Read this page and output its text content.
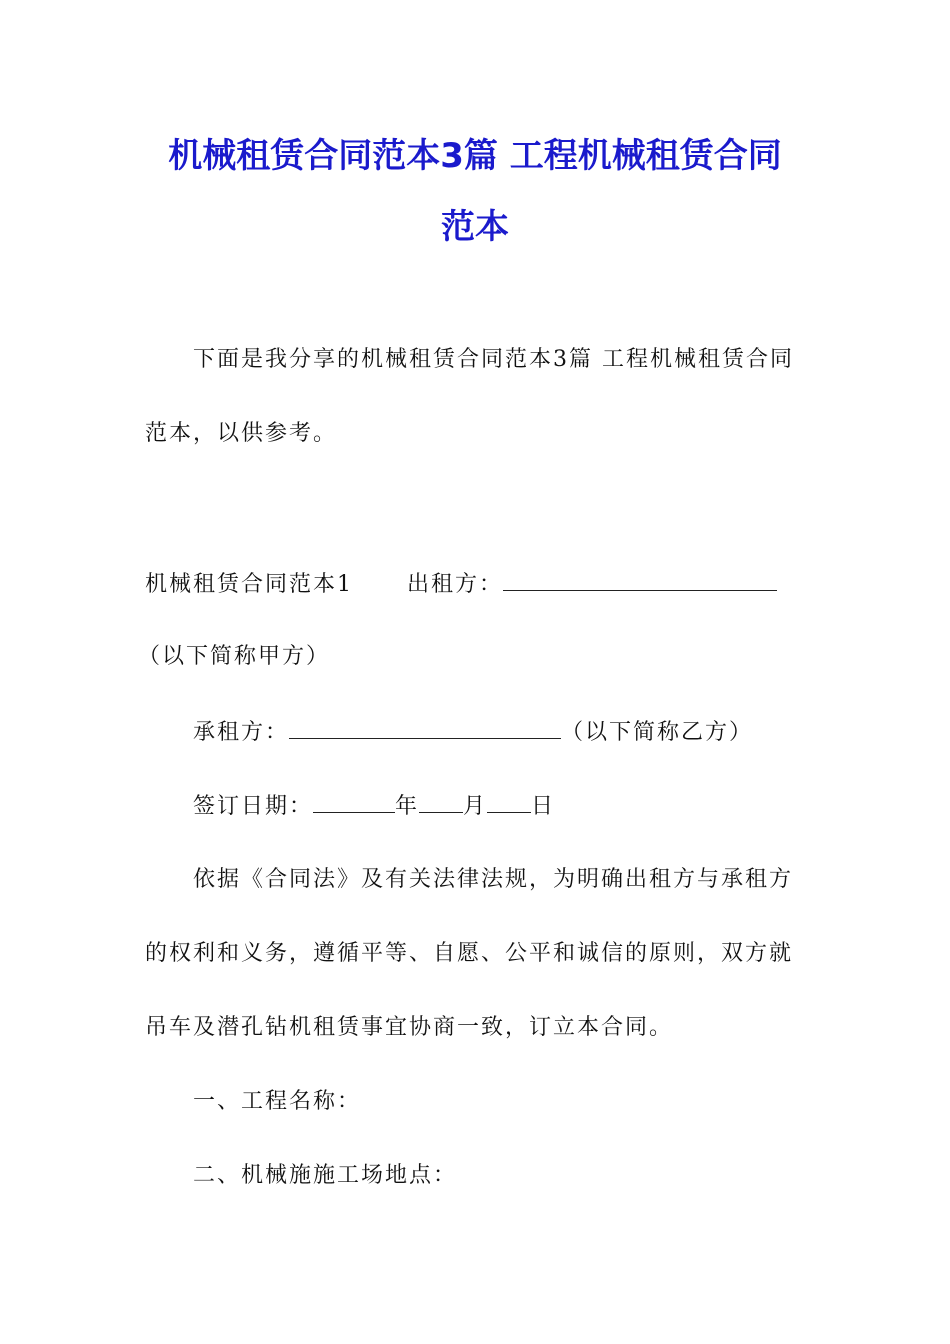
机械租赁合同范本3篇 工程机械租赁合同
范本
下面是我分享的机械租赁合同范本3篇 工程机械租赁合同
范本，以供参考。
机械租赁合同范本1 出租方：
（以下简称甲方）
承租方：	（以下简称乙方）
签订日期：	年 月 日
依据《合同法》及有关法律法规，为明确出租方与承租方
的权利和义务，遵循平等、自愿、公平和诚信的原则，双方就
吊车及潜孔钻机租赁事宜协商一致，订立本合同。
一、工程名称：
二、机械施施工场地点：
